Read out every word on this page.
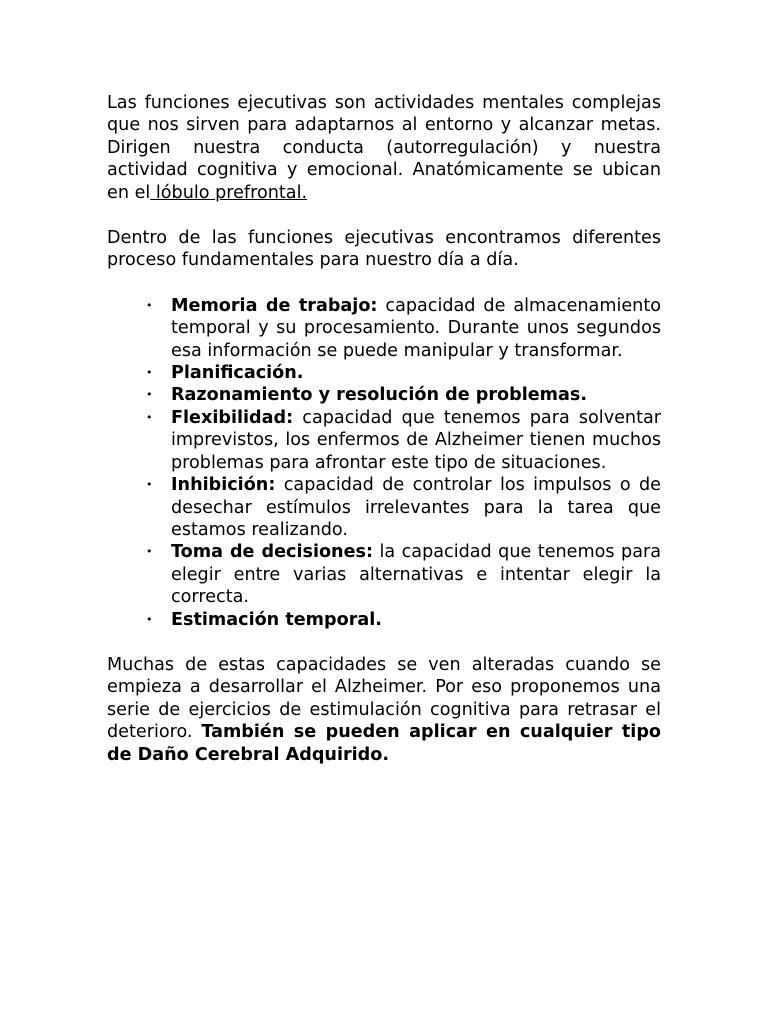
Las funciones ejecutivas son actividades mentales complejas que nos sirven para adaptarnos al entorno y alcanzar metas. Dirigen nuestra conducta (autorregulación) y nuestra actividad cognitiva y emocional. Anatómicamente se ubican en el lóbulo prefrontal.

Dentro de las funciones ejecutivas encontramos diferentes proceso fundamentales para nuestro día a día.

• Memoria de trabajo: capacidad de almacenamiento temporal y su procesamiento. Durante unos segundos esa información se puede manipular y transformar.
• Planificación.
• Razonamiento y resolución de problemas.
• Flexibilidad: capacidad que tenemos para solventar imprevistos, los enfermos de Alzheimer tienen muchos problemas para afrontar este tipo de situaciones.
• Inhibición: capacidad de controlar los impulsos o de desechar estímulos irrelevantes para la tarea que estamos realizando.
• Toma de decisiones: la capacidad que tenemos para elegir entre varias alternativas e intentar elegir la correcta.
• Estimación temporal.

Muchas de estas capacidades se ven alteradas cuando se empieza a desarrollar el Alzheimer. Por eso proponemos una serie de ejercicios de estimulación cognitiva para retrasar el deterioro. También se pueden aplicar en cualquier tipo de Daño Cerebral Adquirido.
